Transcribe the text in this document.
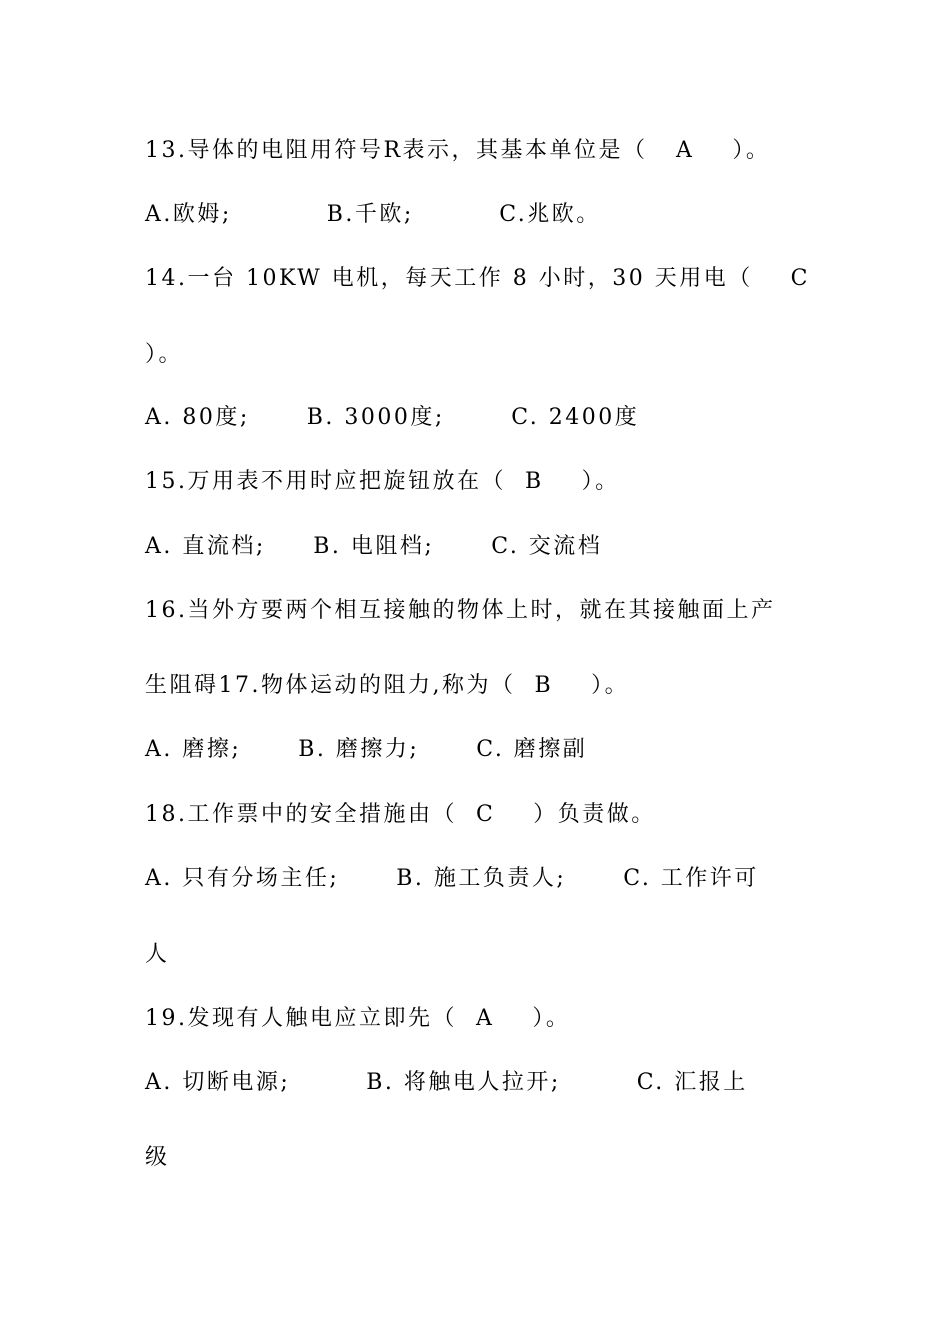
13.导体的电阻用符号R表示，其基本单位是（   A    ）。
A.欧姆;          B.千欧;         C.兆欧。
14.一台 10KW 电机，每天工作 8 小时，30 天用电（    C
）。
A. 80度;      B. 3000度;       C. 2400度
15.万用表不用时应把旋钮放在（  B    ）。
A. 直流档;     B. 电阻档;      C. 交流档
16.当外方要两个相互接触的物体上时，就在其接触面上产
生阻碍17.物体运动的阻力,称为（  B    ）。
A. 磨擦;      B. 磨擦力;      C. 磨擦副
18.工作票中的安全措施由（  C    ）负责做。
A. 只有分场主任;      B. 施工负责人;      C. 工作许可
人
19.发现有人触电应立即先（  A    ）。
A. 切断电源;        B. 将触电人拉开;        C. 汇报上
级
